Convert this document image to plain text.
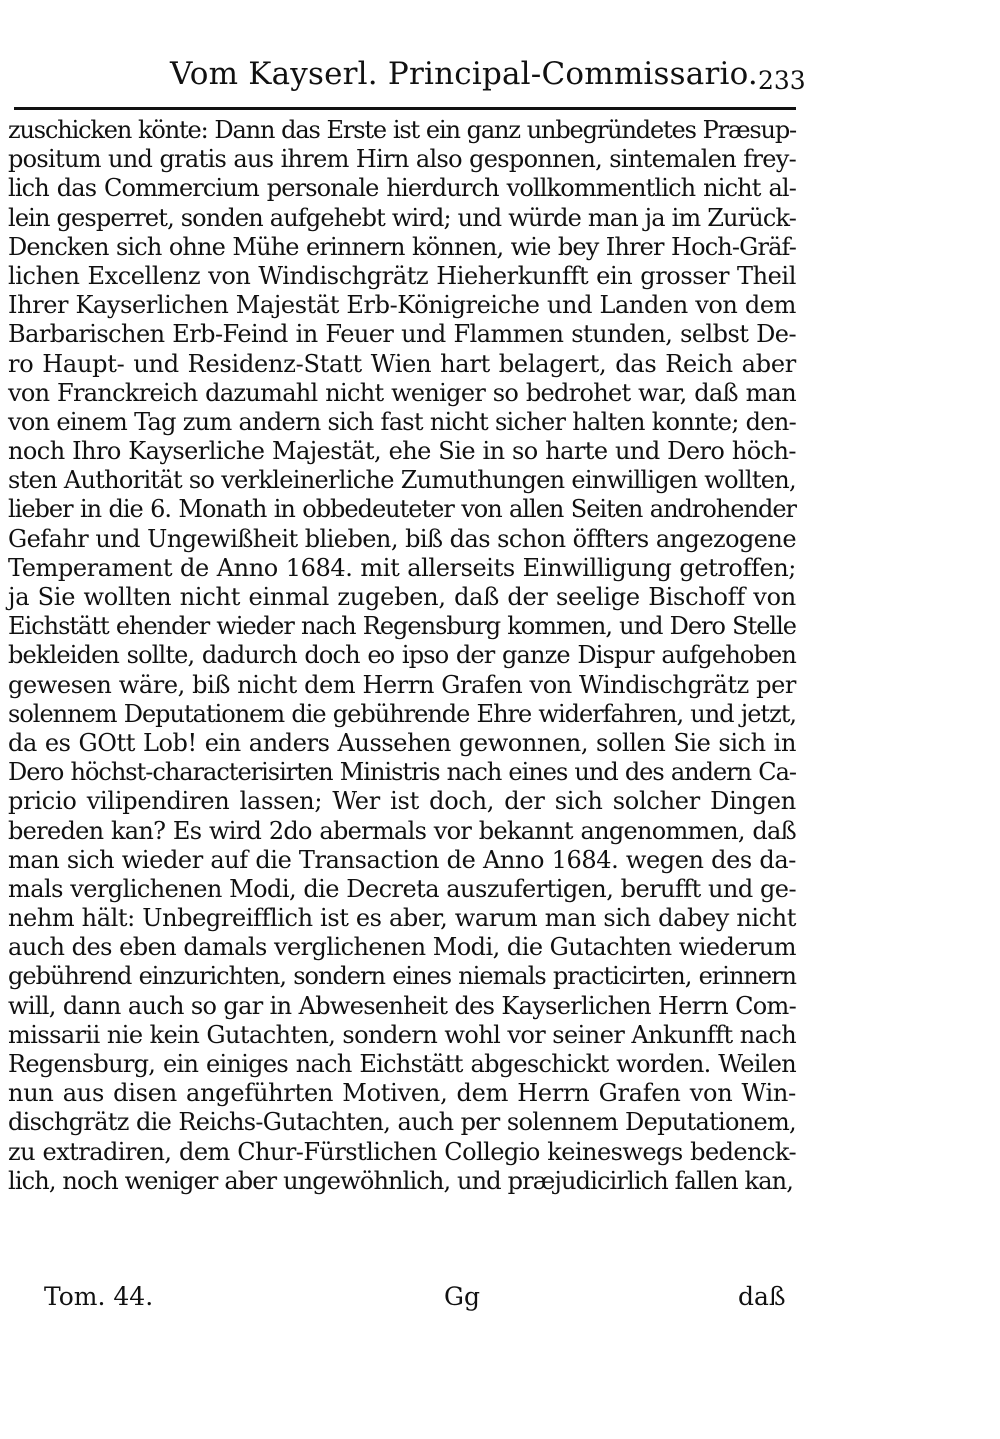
Vom Kayserl. Principal-Commissario. 233
zuschicken könte: Dann das Erste ist ein ganz unbegründetes Præsup-
positum und gratis aus ihrem Hirn also gesponnen, sintemalen frey-
lich das Commercium personale hierdurch vollkommentlich nicht al-
lein gesperret, sonden aufgehebt wird; und würde man ja im Zurück-
Dencken sich ohne Mühe erinnern können, wie bey Ihrer Hoch-Gräf-
lichen Excellenz von Windischgrätz Hieherkunfft ein grosser Theil
Ihrer Kayserlichen Majestät Erb-Königreiche und Landen von dem
Barbarischen Erb-Feind in Feuer und Flammen stunden, selbst De-
ro Haupt- und Residenz-Statt Wien hart belagert, das Reich aber
von Franckreich dazumahl nicht weniger so bedrohet war, daß man
von einem Tag zum andern sich fast nicht sicher halten konnte; den-
noch Ihro Kayserliche Majestät, ehe Sie in so harte und Dero höch-
sten Authorität so verkleinerliche Zumuthungen einwilligen wollten,
lieber in die 6. Monath in obbedeuteter von allen Seiten androhender
Gefahr und Ungewißheit blieben, biß das schon öffters angezogene
Temperament de Anno 1684. mit allerseits Einwilligung getroffen;
ja Sie wollten nicht einmal zugeben, daß der seelige Bischoff von
Eichstätt ehender wieder nach Regensburg kommen, und Dero Stelle
bekleiden sollte, dadurch doch eo ipso der ganze Dispur aufgehoben
gewesen wäre, biß nicht dem Herrn Grafen von Windischgrätz per
solennem Deputationem die gebührende Ehre widerfahren, und jetzt,
da es GOtt Lob! ein anders Aussehen gewonnen, sollen Sie sich in
Dero höchst-characterisirten Ministris nach eines und des andern Ca-
pricio vilipendiren lassen; Wer ist doch, der sich solcher Dingen
bereden kan? Es wird 2do abermals vor bekannt angenommen, daß
man sich wieder auf die Transaction de Anno 1684. wegen des da-
mals verglichenen Modi, die Decreta auszufertigen, berufft und ge-
nehm hält: Unbegreifflich ist es aber, warum man sich dabey nicht
auch des eben damals verglichenen Modi, die Gutachten wiederum
gebührend einzurichten, sondern eines niemals practicirten, erinnern
will, dann auch so gar in Abwesenheit des Kayserlichen Herrn Com-
missarii nie kein Gutachten, sondern wohl vor seiner Ankunfft nach
Regensburg, ein einiges nach Eichstätt abgeschickt worden. Weilen
nun aus disen angeführten Motiven, dem Herrn Grafen von Win-
dischgrätz die Reichs-Gutachten, auch per solennem Deputationem,
zu extradiren, dem Chur-Fürstlichen Collegio keineswegs bedenck-
lich, noch weniger aber ungewöhnlich, und præjudicirlich fallen kan,
Tom. 44.	Gg	daß
